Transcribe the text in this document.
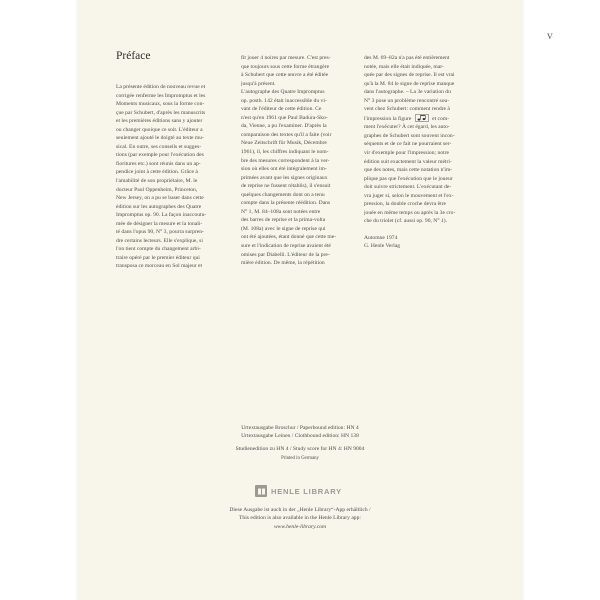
V
Préface
La présente édition de nouveau revue et
corrigée renferme les Impromptus et les
Moments musicaux, sous la forme con-
çue par Schubert, d'après les manuscrits
et les premières éditions sans y ajouter
ou changer quoique ce soit. L'éditeur a
seulement ajouté le doigté au texte mu-
sical. En outre, ses conseils et sugges-
tions (par exemple pour l'exécution des
fioritures etc.) sont réunis dans un ap-
pendice joint à cette édition. Grâce à
l'amabilité de son propriétaire, M. le
docteur Paul Oppenheim, Princeton,
New Jersey, on a pu se baser dans cette
édition sur les autographes des Quatre
Impromptus op. 90. La façon inaccoutu-
mée de désigner la mesure et la tonali-
té dans l'opus 90, N° 3, pourra surpren-
dre certains lecteurs. Elle s'explique, si
l'on tient compte du changement arbi-
traire opéré par le premier éditeur qui
transposa ce morceau en Sol majeur et
fit jouer 4 noires par mesure. C'est pres-
que toujours sous cette forme étrangère
à Schubert que cette œuvre a été éditée
jusqu'à présent.
L'autographe des Quatre Impromptus
op. posth. 142 était inaccessible du vi-
vant de l'éditeur de cette édition. Ce
n'est qu'en 1961 que Paul Badura-Sko-
da, Vienne, a pu l'examiner. D'après la
comparaison des textes qu'il a faite (voir
Neue Zeitschrift für Musik, Décembre
1961), il, les chiffres indiquant le nom-
bre des mesures correspondent à la ver-
sion où elles ont été intégralement im-
primées avant que les signes originaux
de reprise ne fussent rétablis), il s'ensuit
quelques changements dont on a tenu
compte dans la présente réédition. Dans
N° 1, M. 84–108a sont notées entre
des barres de reprise et la prima-volta
(M. 108a) avec le signe de reprise qui
ont été ajoutées, étant donné que cette me-
sure et l'indication de reprise avaient été
omises par Diabelli. L'éditeur de la pre-
mière édition. De même, la répétition
des M. 69–82a n'a pas été entièrement
notée, mais elle était indiquée, mar-
quée par des signes de reprise. Il est vrai
qu'à la M. 84 le signe de reprise manque
dans l'autographe. – La 3e variation du
N° 3 pose un problème rencontré sou-
vent chez Schubert: comment rendre à
l'impression la figure	et com-
ment l'exécuter? À cet égard, les auto-
graphes de Schubert sont souvent incon-
séquents et de ce fait ne pourraient ser-
vir d'exemple pour l'impression; notre
édition suit exactement la valeur métri-
que des notes, mais cette notation n'im-
plique pas que l'exécution que le joueur
doit suivre strictement. L'exécutant de-
vra juger si, selon le mouvement et l'ex-
pression, la double croche devra être
jouée en même temps ou après la 3e cro-
che du triolet (cf. aussi op. 90, N° 1).
Automne 1974
G. Henle Verlag
Urtextausgabe Broschur / Paperbound edition: HN 4
Urtextausgabe Leinen / Clothbound edition: HN 138
Studienedition zu HN 4 / Study score for HN 4: HN 9004
Printed in Germany
HENLE LIBRARY
Diese Ausgabe ist auch in der „Henle Library“-App erhältlich /
This edition is also available in the Henle Library app:
www.henle-library.com
